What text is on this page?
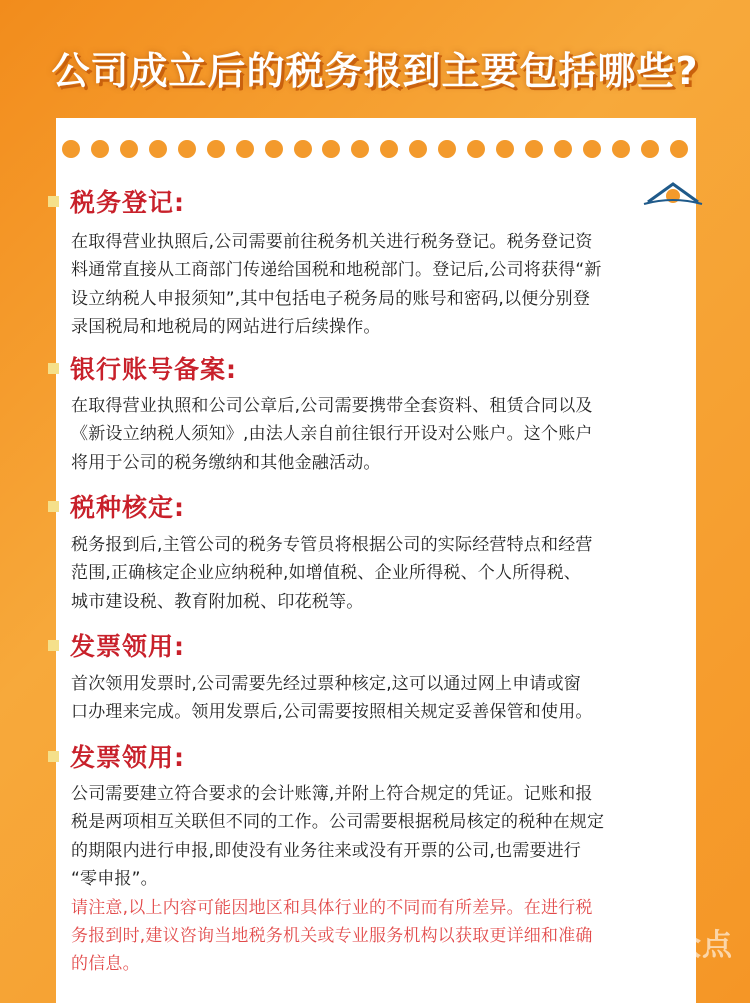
公司成立后的税务报到主要包括哪些?
税务登记:
在取得营业执照后,公司需要前往税务机关进行税务登记。税务登记资
料通常直接从工商部门传递给国税和地税部门。登记后,公司将获得“新
设立纳税人申报须知”,其中包括电子税务局的账号和密码,以便分别登
录国税局和地税局的网站进行后续操作。
银行账号备案:
在取得营业执照和公司公章后,公司需要携带全套资料、租赁合同以及
《新设立纳税人须知》,由法人亲自前往银行开设对公账户。这个账户
将用于公司的税务缴纳和其他金融活动。
税种核定:
税务报到后,主管公司的税务专管员将根据公司的实际经营特点和经营
范围,正确核定企业应纳税种,如增值税、企业所得税、个人所得税、
城市建设税、教育附加税、印花税等。
发票领用:
首次领用发票时,公司需要先经过票种核定,这可以通过网上申请或窗
口办理来完成。领用发票后,公司需要按照相关规定妥善保管和使用。
发票领用:
公司需要建立符合要求的会计账簿,并附上符合规定的凭证。记账和报
税是两项相互关联但不同的工作。公司需要根据税局核定的税种在规定
的期限内进行申报,即使没有业务往来或没有开票的公司,也需要进行
“零申报”。
请注意,以上内容可能因地区和具体行业的不同而有所差异。在进行税
务报到时,建议咨询当地税务机关或专业服务机构以获取更详细和准确
的信息。
大众点评
今晨企服注册公司 代理记账 税务筹划
